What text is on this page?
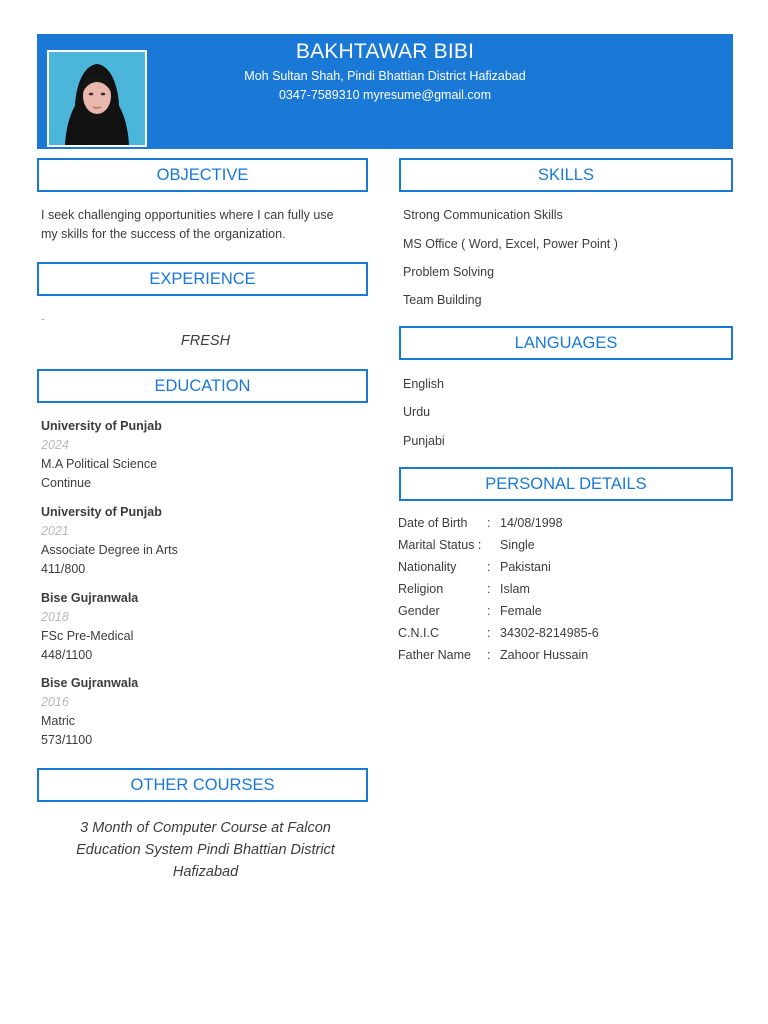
BAKHTAWAR BIBI
Moh Sultan Shah, Pindi Bhattian District Hafizabad
0347-7589310 myresume@gmail.com
OBJECTIVE
I seek challenging opportunities where I can fully use
my skills for the success of the organization.
EXPERIENCE
-
FRESH
EDUCATION
University of Punjab
2024
M.A Political Science
Continue
University of Punjab
2021
Associate Degree in Arts
411/800
Bise Gujranwala
2018
FSc Pre-Medical
448/1100
Bise Gujranwala
2016
Matric
573/1100
OTHER COURSES
3 Month of Computer Course at Falcon
Education System Pindi Bhattian District
Hafizabad
SKILLS
Strong Communication Skills
MS Office ( Word, Excel, Power Point )
Problem Solving
Team Building
LANGUAGES
English
Urdu
Punjabi
PERSONAL DETAILS
Date of Birth : 14/08/1998
Marital Status : Single
Nationality : Pakistani
Religion	: Islam
Gender	: Female
C.N.I.C	: 34302-8214985-6
Father Name : Zahoor Hussain
